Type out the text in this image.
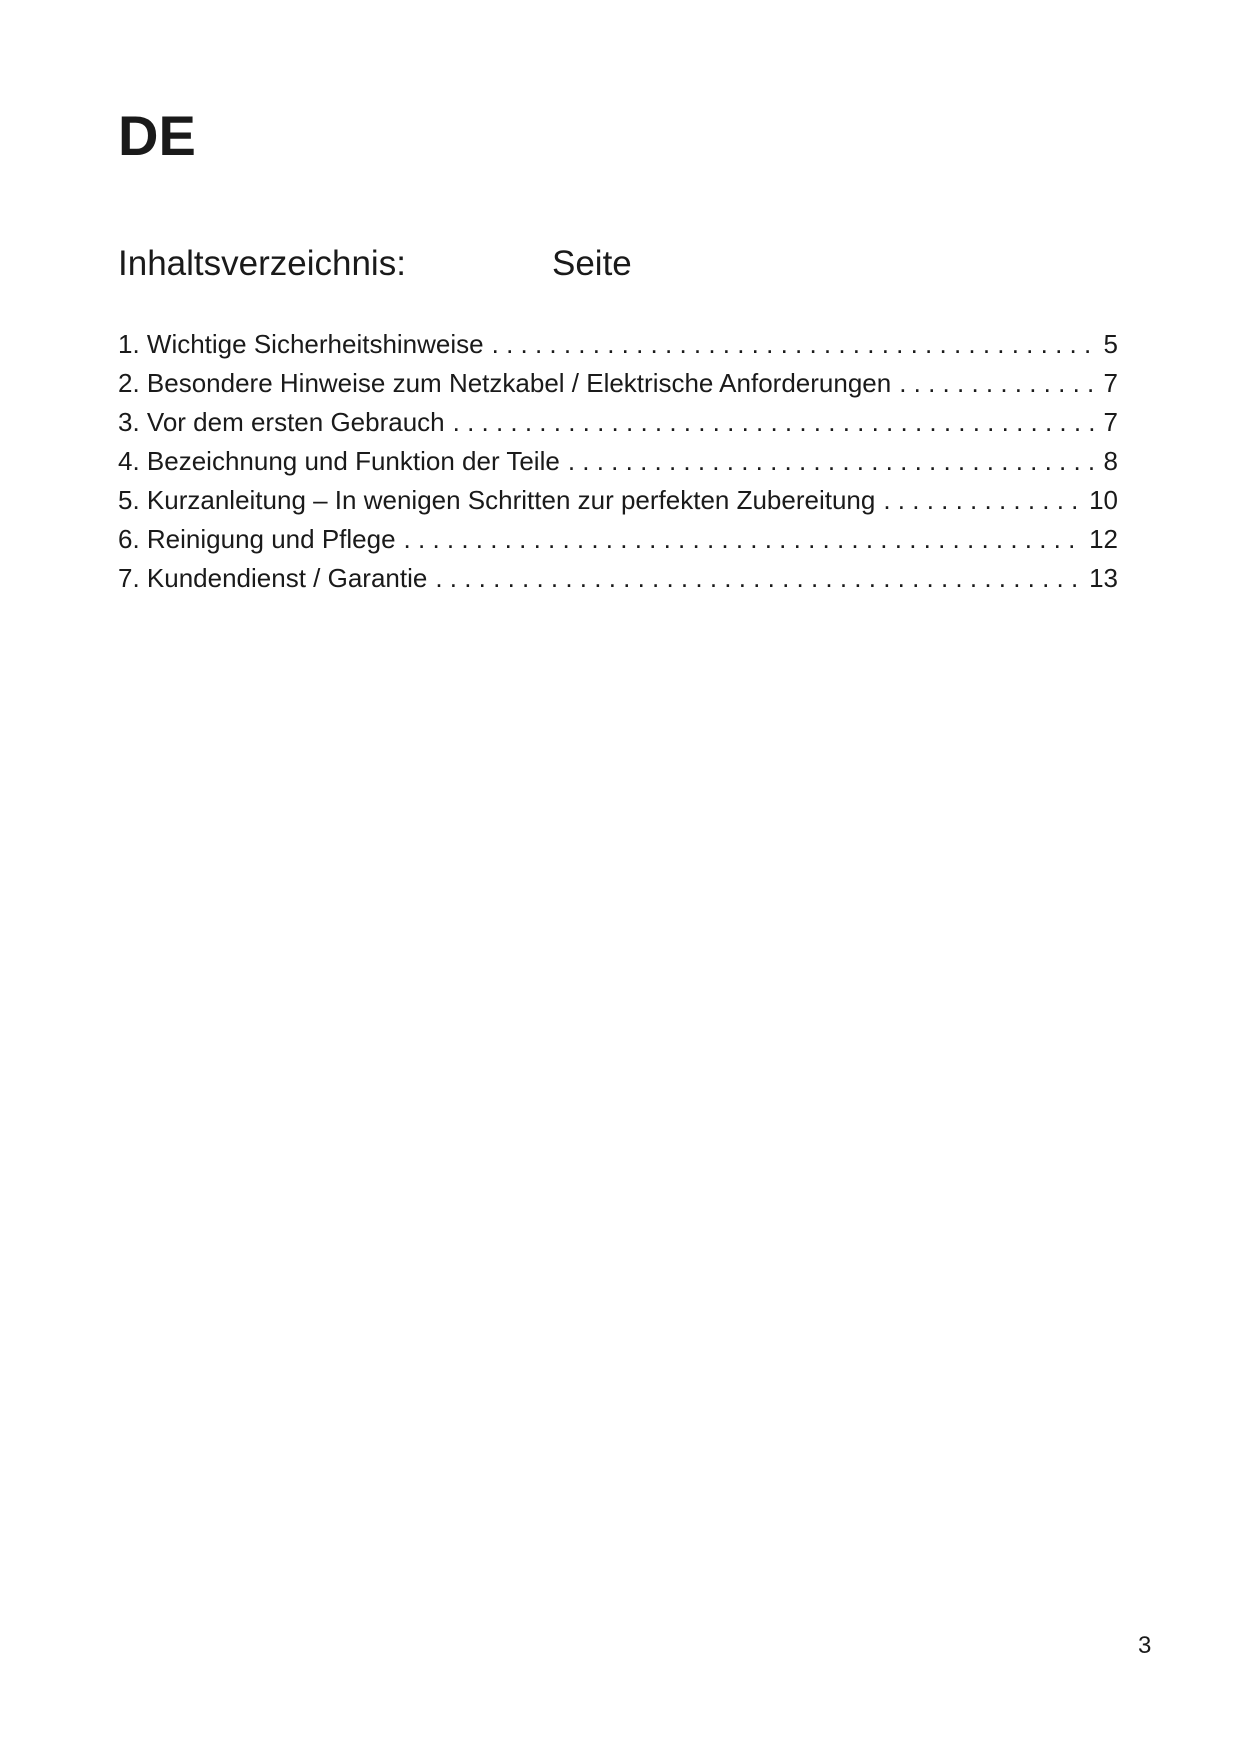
DE
Inhaltsverzeichnis:	Seite
1. Wichtige Sicherheitshinweise . . .	5
2. Besondere Hinweise zum Netzkabel / Elektrische Anforderungen . . .	7
3. Vor dem ersten Gebrauch . . .	7
4. Bezeichnung und Funktion der Teile . . .	8
5. Kurzanleitung – In wenigen Schritten zur perfekten Zubereitung . . .	10
6. Reinigung und Pflege . . .	12
7. Kundendienst / Garantie . . .	13
3
